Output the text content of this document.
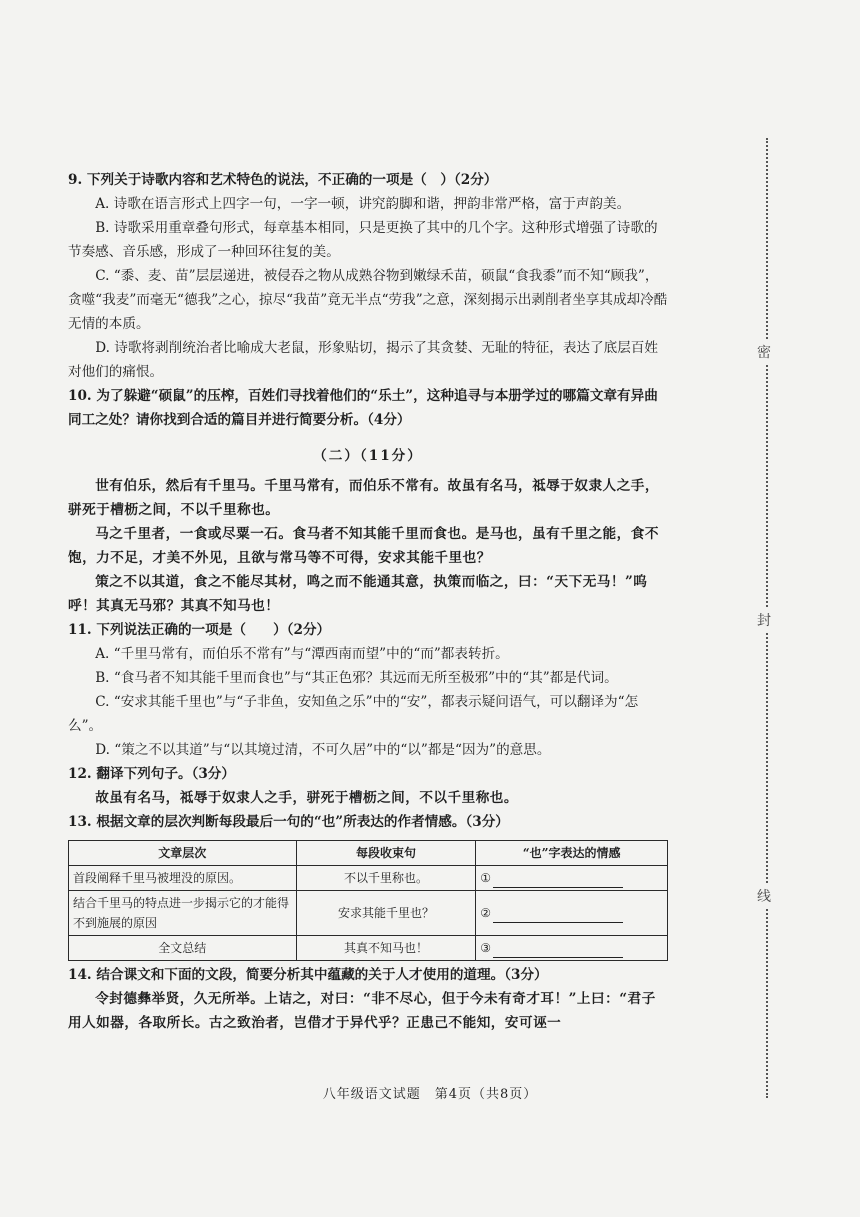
密
封
线

9. 下列关于诗歌内容和艺术特色的说法，不正确的一项是（　）（2分）

A. 诗歌在语言形式上四字一句，一字一顿，讲究韵脚和谐，押韵非常严格，富于声韵美。

B. 诗歌采用重章叠句形式，每章基本相同，只是更换了其中的几个字。这种形式增强了诗歌的节奏感、音乐感，形成了一种回环往复的美。

C. “黍、麦、苗”层层递进，被侵吞之物从成熟谷物到嫩绿禾苗，硕鼠“食我黍”而不知“顾我”，贪噬“我麦”而毫无“德我”之心，掠尽“我苗”竟无半点“劳我”之意，深刻揭示出剥削者坐享其成却冷酷无情的本质。

D. 诗歌将剥削统治者比喻成大老鼠，形象贴切，揭示了其贪婪、无耻的特征，表达了底层百姓对他们的痛恨。

10. 为了躲避“硕鼠”的压榨，百姓们寻找着他们的“乐土”，这种追寻与本册学过的哪篇文章有异曲同工之处？请你找到合适的篇目并进行简要分析。（4分）

（二）（11分）

世有伯乐，然后有千里马。千里马常有，而伯乐不常有。故虽有名马，祗辱于奴隶人之手，骈死于槽枥之间，不以千里称也。

马之千里者，一食或尽粟一石。食马者不知其能千里而食也。是马也，虽有千里之能，食不饱，力不足，才美不外见，且欲与常马等不可得，安求其能千里也？

策之不以其道，食之不能尽其材，鸣之而不能通其意，执策而临之，曰：“天下无马！”呜呼！其真无马邪？其真不知马也！

11. 下列说法正确的一项是（　　）（2分）

A. “千里马常有，而伯乐不常有”与“潭西南而望”中的“而”都表转折。

B. “食马者不知其能千里而食也”与“其正色邪？其远而无所至极邪”中的“其”都是代词。

C. “安求其能千里也”与“子非鱼，安知鱼之乐”中的“安”，都表示疑问语气，可以翻译为“怎么”。

D. “策之不以其道”与“以其境过清，不可久居”中的“以”都是“因为”的意思。

12. 翻译下列句子。（3分）

故虽有名马，祗辱于奴隶人之手，骈死于槽枥之间，不以千里称也。

13. 根据文章的层次判断每段最后一句的“也”所表达的作者情感。（3分）

文章层次	每段收束句	“也”字表达的情感
首段阐释千里马被埋没的原因。	不以千里称也。	①
结合千里马的特点进一步揭示它的才能得不到施展的原因	安求其能千里也？	②
全文总结	其真不知马也！	③

14. 结合课文和下面的文段，简要分析其中蕴藏的关于人才使用的道理。（3分）

令封德彝举贤，久无所举。上诘之，对曰：“非不尽心，但于今未有奇才耳！”上曰：“君子用人如器，各取所长。古之致治者，岂借才于异代乎？正患己不能知，安可诬一

八年级语文试题　第4页（共8页）
